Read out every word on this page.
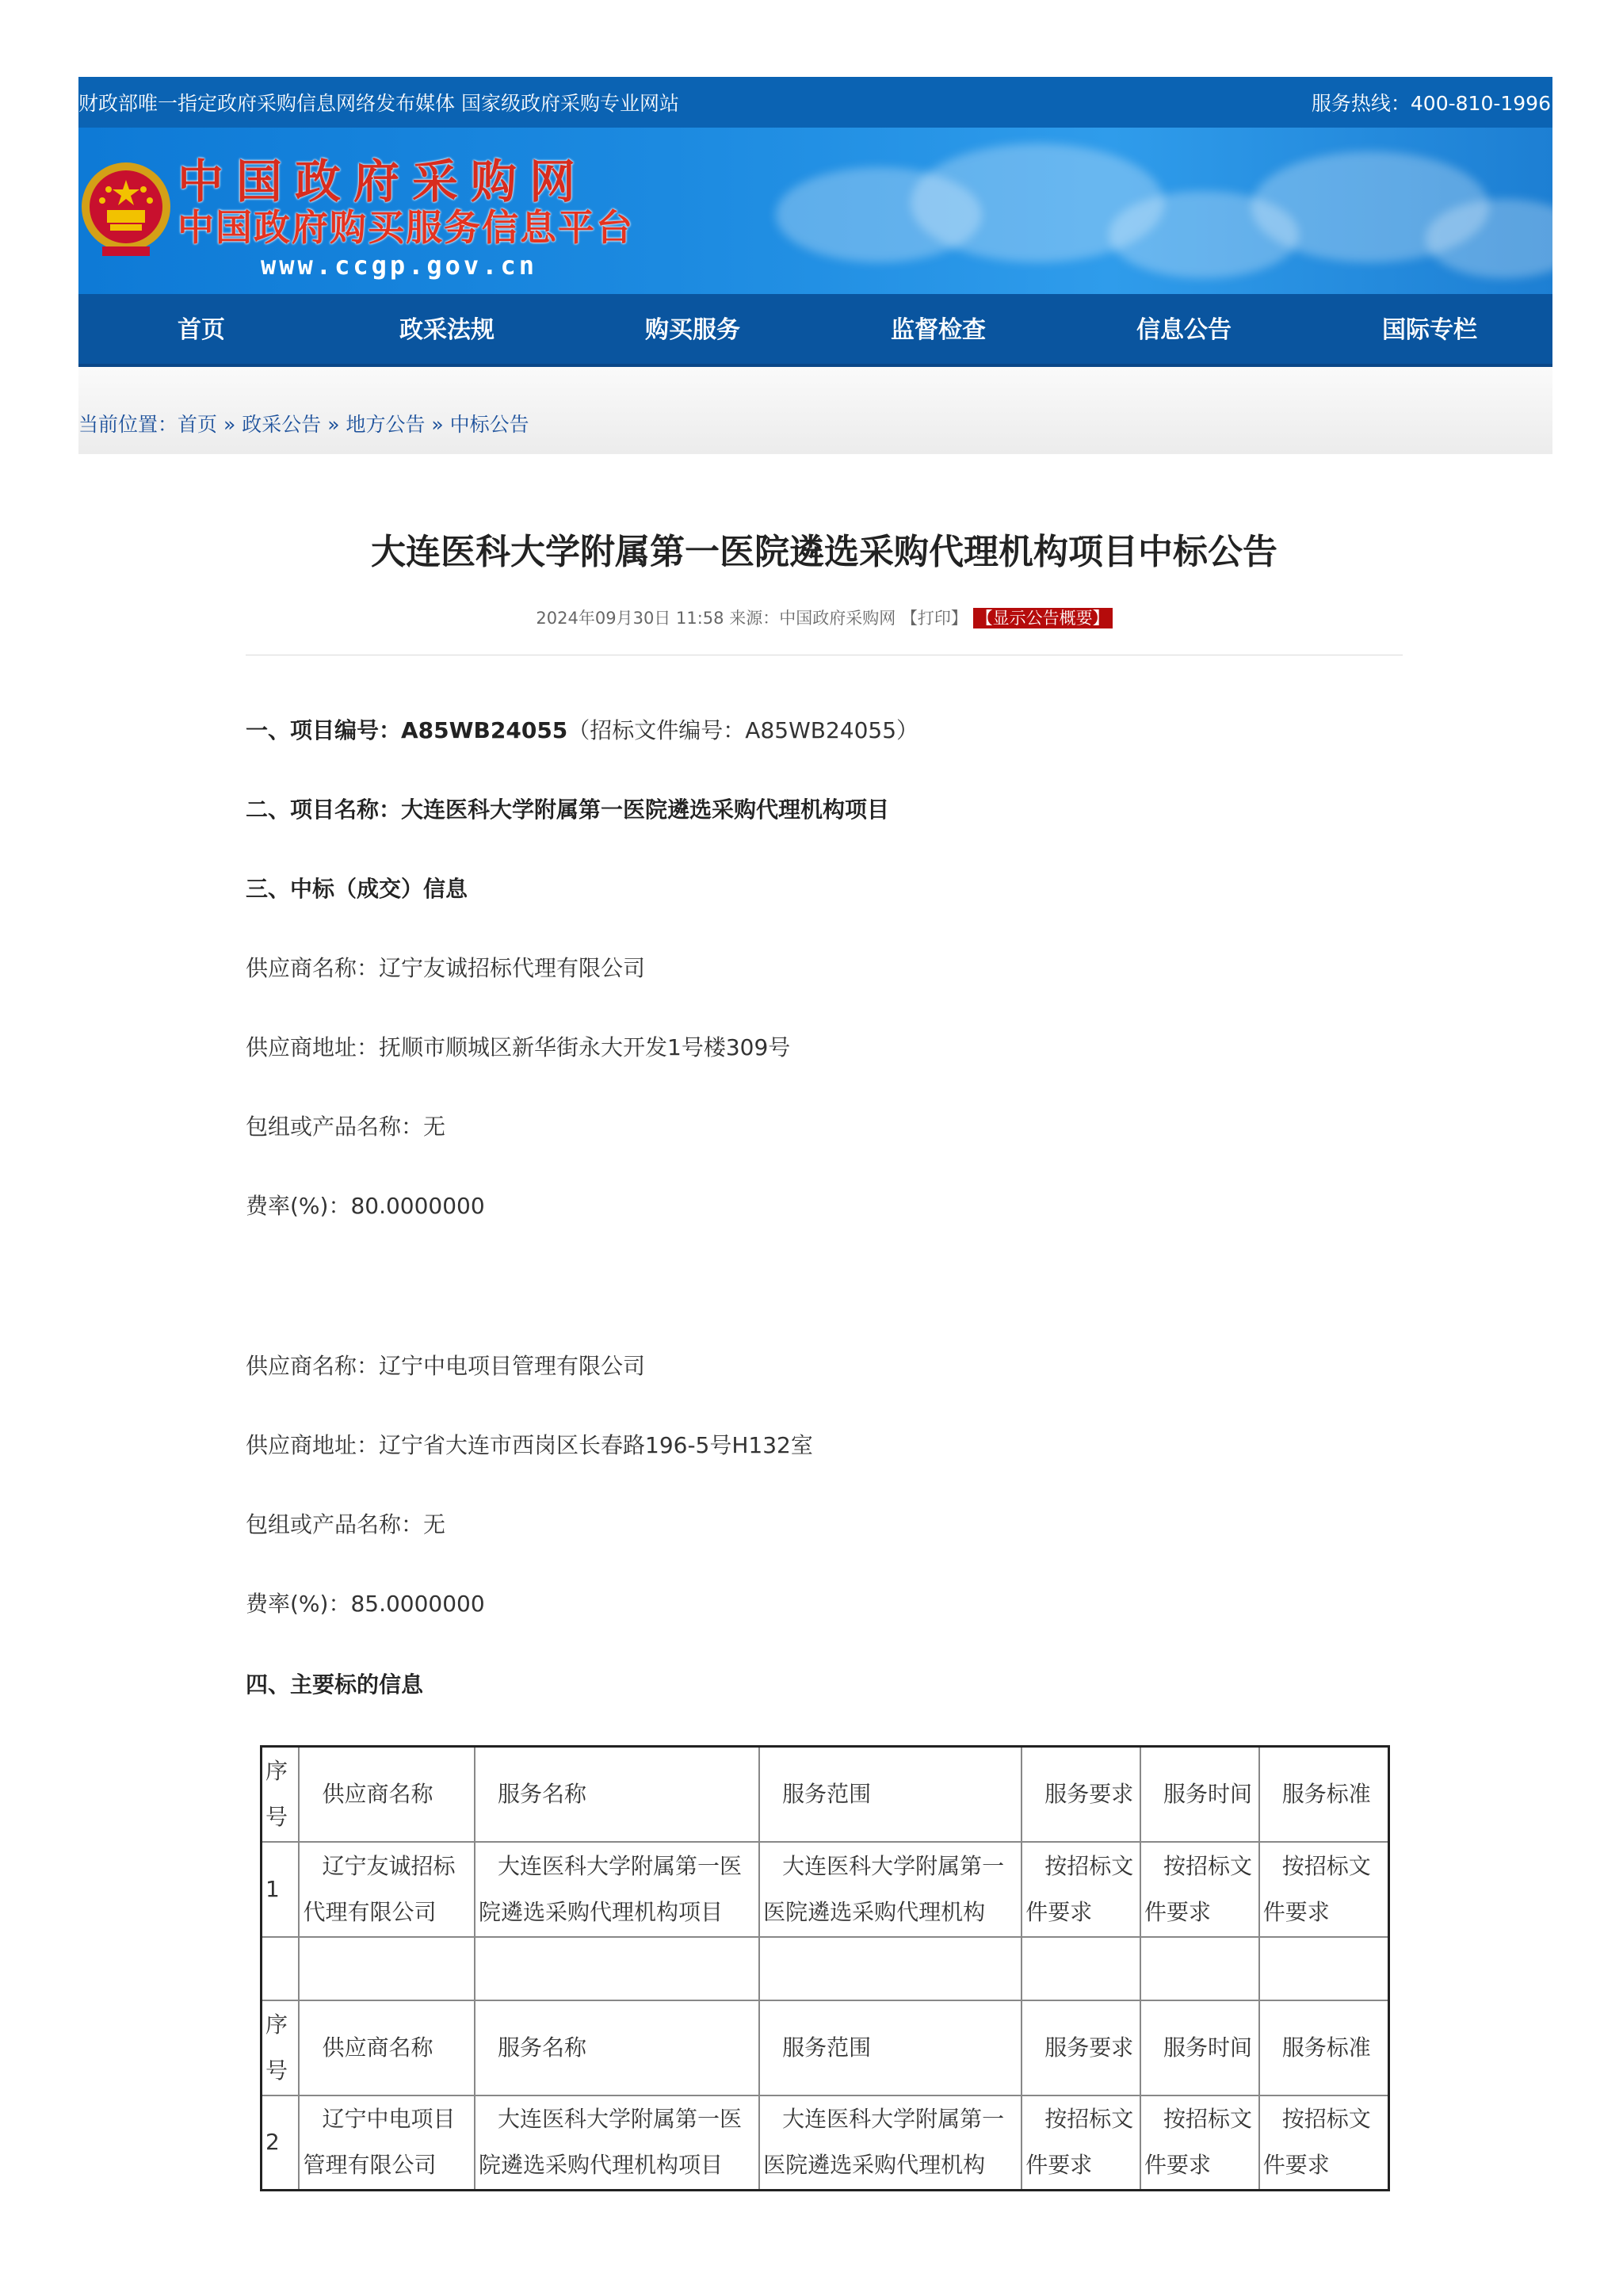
财政部唯一指定政府采购信息网络发布媒体 国家级政府采购专业网站	服务热线：400-810-1996
中国政府采购网
中国政府购买服务信息平台
www.ccgp.gov.cn
首页	政采法规	购买服务	监督检查	信息公告	国际专栏
当前位置：首页 » 政采公告 » 地方公告 » 中标公告
大连医科大学附属第一医院遴选采购代理机构项目中标公告
2024年09月30日 11:58 来源：中国政府采购网 【打印】 【显示公告概要】
一、项目编号：A85WB24055（招标文件编号：A85WB24055）
二、项目名称：大连医科大学附属第一医院遴选采购代理机构项目
三、中标（成交）信息
供应商名称：辽宁友诚招标代理有限公司
供应商地址：抚顺市顺城区新华街永大开发1号楼309号
包组或产品名称：无
费率(%)：80.0000000
供应商名称：辽宁中电项目管理有限公司
供应商地址：辽宁省大连市西岗区长春路196-5号H132室
包组或产品名称：无
费率(%)：85.0000000
四、主要标的信息
序号	供应商名称	服务名称	服务范围	服务要求	服务时间	服务标准
1	辽宁友诚招标代理有限公司	大连医科大学附属第一医院遴选采购代理机构项目	大连医科大学附属第一医院遴选采购代理机构	按招标文件要求	按招标文件要求	按招标文件要求

序号	供应商名称	服务名称	服务范围	服务要求	服务时间	服务标准
2	辽宁中电项目管理有限公司	大连医科大学附属第一医院遴选采购代理机构项目	大连医科大学附属第一医院遴选采购代理机构	按招标文件要求	按招标文件要求	按招标文件要求
